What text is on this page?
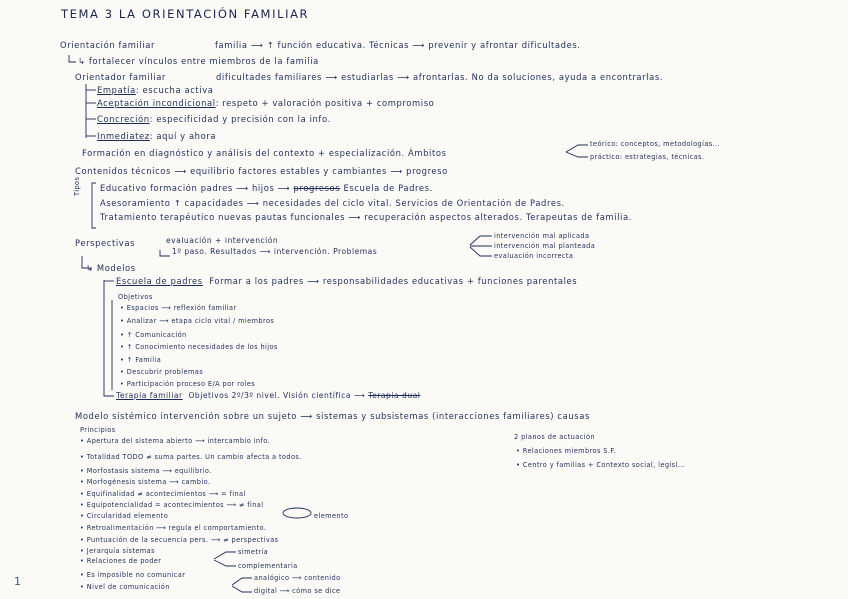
TEMA 3 LA ORIENTACIÓN FAMILIAR
Orientación familiar	familia ⟶ ↑ función educativa. Técnicas ⟶ prevenir y afrontar dificultades.
↳ fortalecer vínculos entre miembros de la familia
Orientador familiar	dificultades familiares ⟶ estudiarlas ⟶ afrontarlas. No da soluciones, ayuda a encontrarlas.
Empatía: escucha activa
Aceptación incondicional: respeto + valoración positiva + compromiso
Concreción: especificidad y precisión con la info.
Inmediatez: aquí y ahora
Formación en diagnóstico y análisis del contexto + especialización. Ámbitos
teórico: conceptos, metodologías...
práctico: estrategias, técnicas.
Contenidos técnicos ⟶ equilibrio factores estables y cambiantes ⟶ progreso
Tipos Educativo formación padres ⟶ hijos ⟶ progresos Escuela de Padres.
Asesoramiento ↑ capacidades ⟶ necesidades del ciclo vital. Servicios de Orientación de Padres.
Tratamiento terapéutico nuevas pautas funcionales ⟶ recuperación aspectos alterados. Terapeutas de familia.
Perspectivas	evaluación + intervención
1º paso. Resultados ⟶ intervención. Problemas
intervención mal aplicada
intervención mal planteada
evaluación incorrecta
↳ Modelos
Escuela de padres Formar a los padres ⟶ responsabilidades educativas + funciones parentales
Objetivos
• Espacios ⟶ reflexión familiar
• Analizar ⟶ etapa ciclo vital / miembros
• ↑ Comunicación
• ↑ Conocimiento necesidades de los hijos
• ↑ Familia
• Descubrir problemas
• Participación proceso E/A por roles
Terapia familiar Objetivos 2º/3º nivel. Visión científica ⟶ Terapia dual
Modelo sistémico intervención sobre un sujeto ⟶ sistemas y subsistemas (interacciones familiares) causas
Principios
• Apertura del sistema abierto ⟶ intercambio info.
• Totalidad TODO ≠ suma partes. Un cambio afecta a todos.
• Morfostasis sistema ⟶ equilibrio.
• Morfogénesis sistema ⟶ cambio.
• Equifinalidad ≠ acontecimientos ⟶ = final
• Equipotencialidad = acontecimientos ⟶ ≠ final
• Circularidad elemento	elemento
• Retroalimentación ⟶ regula el comportamiento.
• Puntuación de la secuencia pers. ⟶ ≠ perspectivas
• Jerarquía sistemas
• Relaciones de poder
simetría
complementaria
• Es imposible no comunicar
• Nivel de comunicación
analógico ⟶ contenido
digital ⟶ cómo se dice
2 planos de actuación
• Relaciones miembros S.F.
• Centro y familias + Contexto social, legisl...
1
